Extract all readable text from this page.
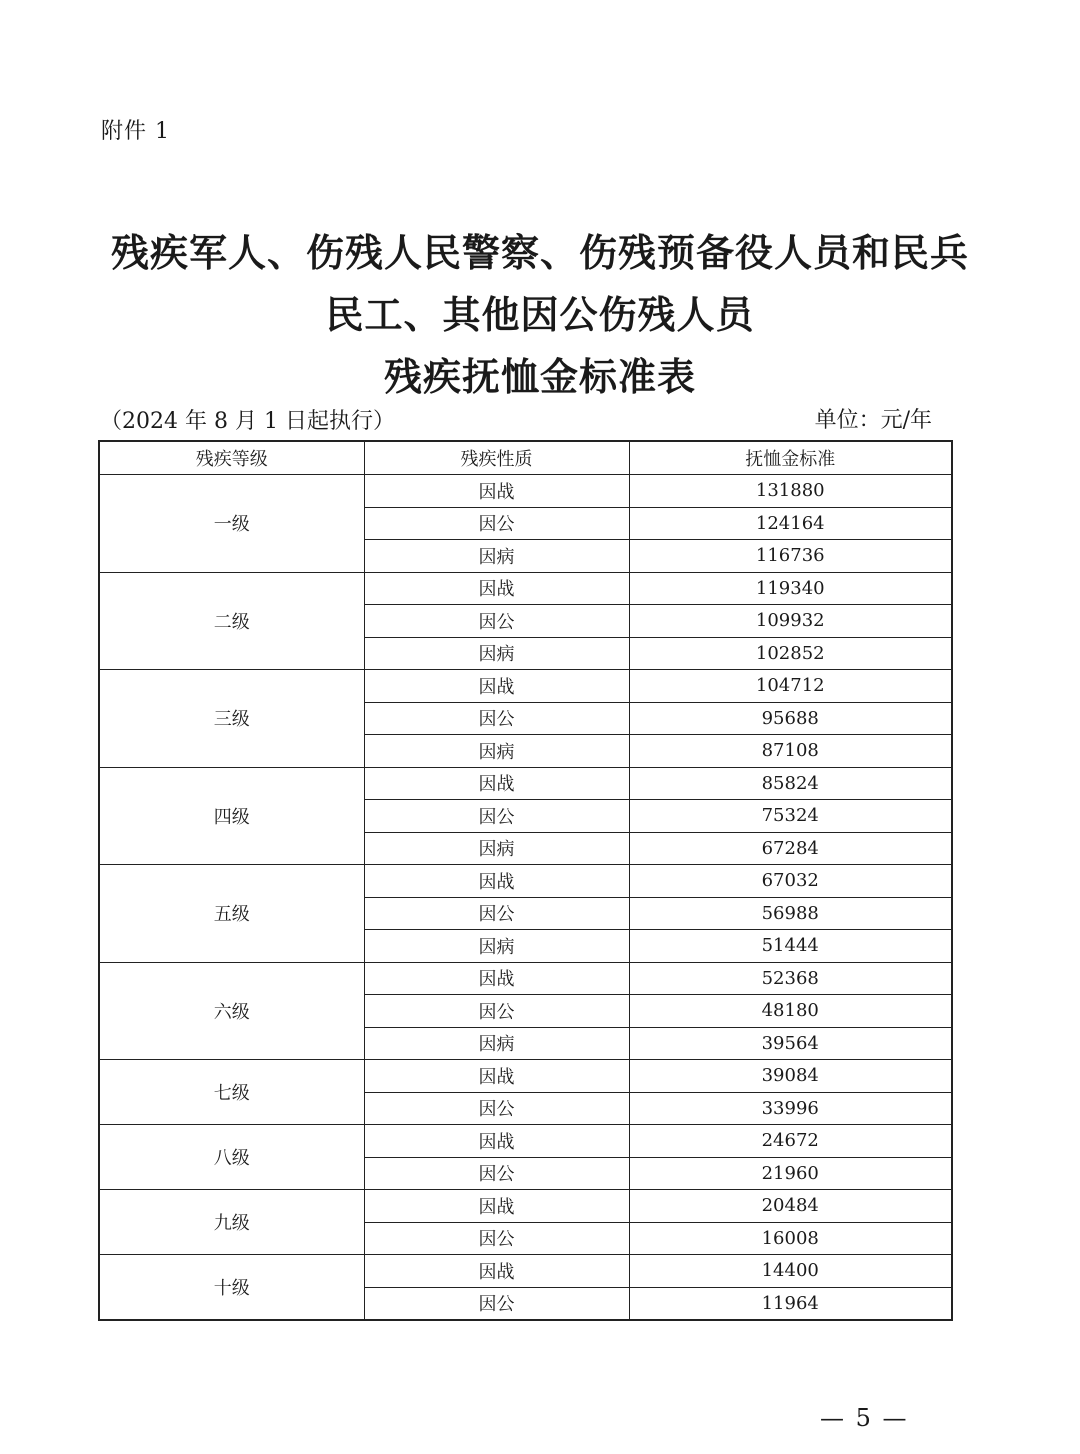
附件 1
残疾军人、伤残人民警察、伤残预备役人员和民兵
民工、其他因公伤残人员
残疾抚恤金标准表
（2024 年 8 月 1 日起执行）	单位：元/年
残疾等级	残疾性质	抚恤金标准
一级	因战	131880
	因公	124164
	因病	116736
二级	因战	119340
	因公	109932
	因病	102852
三级	因战	104712
	因公	95688
	因病	87108
四级	因战	85824
	因公	75324
	因病	67284
五级	因战	67032
	因公	56988
	因病	51444
六级	因战	52368
	因公	48180
	因病	39564
七级	因战	39084
	因公	33996
八级	因战	24672
	因公	21960
九级	因战	20484
	因公	16008
十级	因战	14400
	因公	11964
— 5 —
